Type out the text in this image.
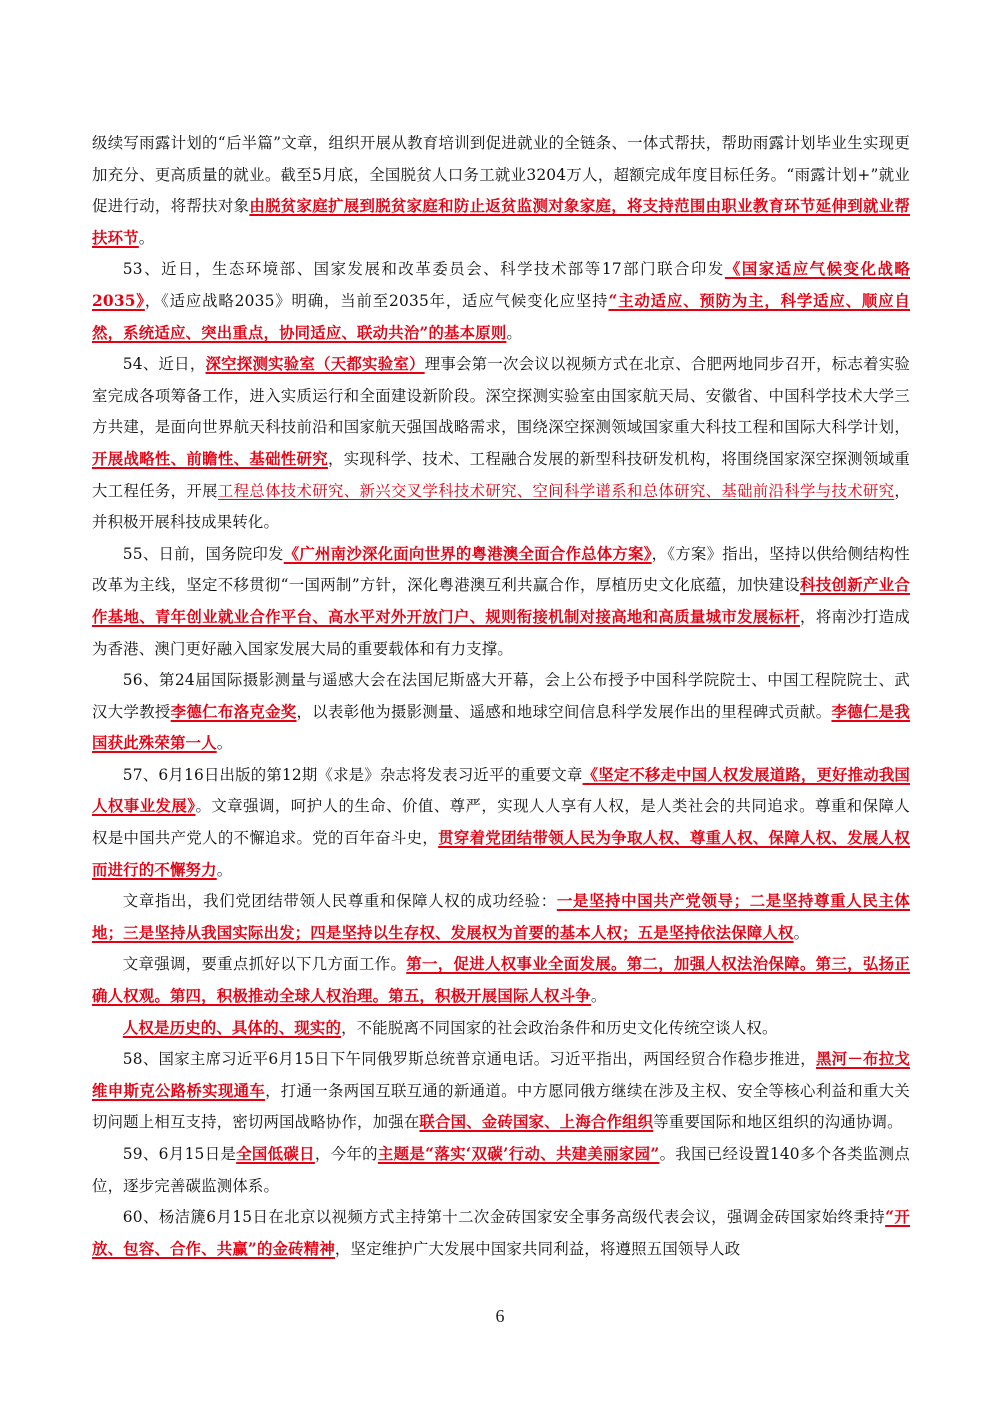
级续写雨露计划的“后半篇”文章，组织开展从教育培训到促进就业的全链条、一体式帮扶，帮助雨露计划毕业生实现更加充分、更高质量的就业。截至5月底，全国脱贫人口务工就业3204万人，超额完成年度目标任务。“雨露计划+”就业促进行动，将帮扶对象由脱贫家庭扩展到脱贫家庭和防止返贫监测对象家庭，将支持范围由职业教育环节延伸到就业帮扶环节。

53、近日，生态环境部、国家发展和改革委员会、科学技术部等17部门联合印发《国家适应气候变化战略2035》，《适应战略2035》明确，当前至2035年，适应气候变化应坚持“主动适应、预防为主，科学适应、顺应自然，系统适应、突出重点，协同适应、联动共治”的基本原则。

54、近日，深空探测实验室（天都实验室）理事会第一次会议以视频方式在北京、合肥两地同步召开，标志着实验室完成各项筹备工作，进入实质运行和全面建设新阶段。深空探测实验室由国家航天局、安徽省、中国科学技术大学三方共建，是面向世界航天科技前沿和国家航天强国战略需求，围绕深空探测领域国家重大科技工程和国际大科学计划，开展战略性、前瞻性、基础性研究，实现科学、技术、工程融合发展的新型科技研发机构，将围绕国家深空探测领域重大工程任务，开展工程总体技术研究、新兴交叉学科技术研究、空间科学谱系和总体研究、基础前沿科学与技术研究，并积极开展科技成果转化。

55、日前，国务院印发《广州南沙深化面向世界的粤港澳全面合作总体方案》，《方案》指出，坚持以供给侧结构性改革为主线，坚定不移贯彻“一国两制”方针，深化粤港澳互利共赢合作，厚植历史文化底蕴，加快建设科技创新产业合作基地、青年创业就业合作平台、高水平对外开放门户、规则衔接机制对接高地和高质量城市发展标杆，将南沙打造成为香港、澳门更好融入国家发展大局的重要载体和有力支撑。

56、第24届国际摄影测量与遥感大会在法国尼斯盛大开幕，会上公布授予中国科学院院士、中国工程院院士、武汉大学教授李德仁布洛克金奖，以表彰他为摄影测量、遥感和地球空间信息科学发展作出的里程碑式贡献。李德仁是我国获此殊荣第一人。

57、6月16日出版的第12期《求是》杂志将发表习近平的重要文章《坚定不移走中国人权发展道路，更好推动我国人权事业发展》。文章强调，呵护人的生命、价值、尊严，实现人人享有人权，是人类社会的共同追求。尊重和保障人权是中国共产党人的不懈追求。党的百年奋斗史，贯穿着党团结带领人民为争取人权、尊重人权、保障人权、发展人权而进行的不懈努力。

文章指出，我们党团结带领人民尊重和保障人权的成功经验：一是坚持中国共产党领导；二是坚持尊重人民主体地；三是坚持从我国实际出发；四是坚持以生存权、发展权为首要的基本人权；五是坚持依法保障人权。

文章强调，要重点抓好以下几方面工作。第一，促进人权事业全面发展。第二，加强人权法治保障。第三，弘扬正确人权观。第四，积极推动全球人权治理。第五，积极开展国际人权斗争。

人权是历史的、具体的、现实的，不能脱离不同国家的社会政治条件和历史文化传统空谈人权。

58、国家主席习近平6月15日下午同俄罗斯总统普京通电话。习近平指出，两国经贸合作稳步推进，黑河－布拉戈维申斯克公路桥实现通车，打通一条两国互联互通的新通道。中方愿同俄方继续在涉及主权、安全等核心利益和重大关切问题上相互支持，密切两国战略协作，加强在联合国、金砖国家、上海合作组织等重要国际和地区组织的沟通协调。

59、6月15日是全国低碳日，今年的主题是“落实‘双碳’行动、共建美丽家园”。我国已经设置140多个各类监测点位，逐步完善碳监测体系。

60、杨洁篪6月15日在北京以视频方式主持第十二次金砖国家安全事务高级代表会议，强调金砖国家始终秉持“开放、包容、合作、共赢”的金砖精神，坚定维护广大发展中国家共同利益，将遵照五国领导人政

6
